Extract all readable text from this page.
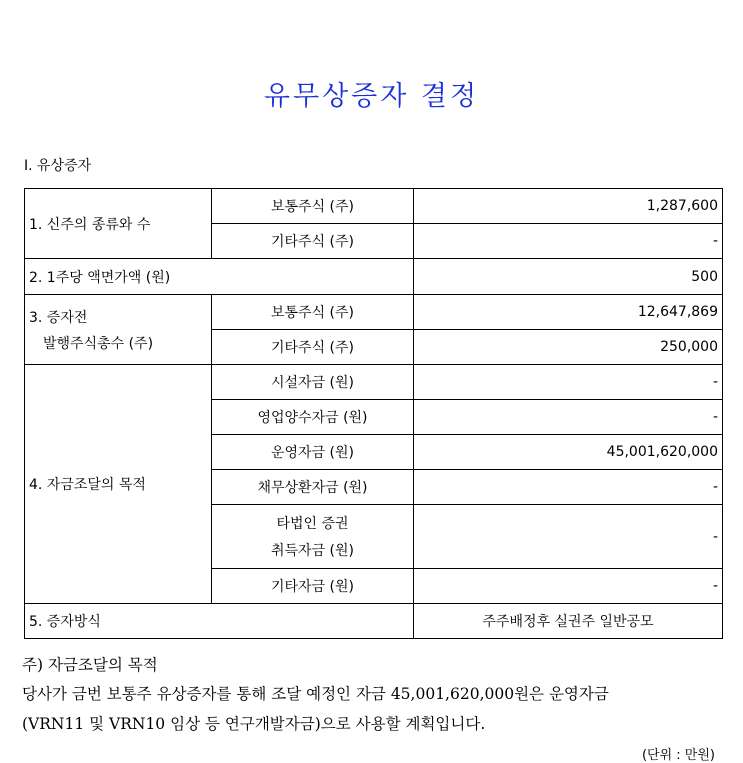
유무상증자 결정
Ⅰ. 유상증자
1. 신주의 종류와 수	보통주식 (주)	1,287,600
	기타주식 (주)	-
2. 1주당 액면가액 (원)		500

3. 증자전
발행주식총수 (주)	보통주식 (주)	12,647,869
	기타주식 (주)	250,000
4. 자금조달의 목적	시설자금 (원)	-
	영업양수자금 (원)	-
	운영자금 (원)	45,001,620,000
	채무상환자금 (원)	-

	타법인 증권
취득자금 (원)	-
	기타자금 (원)	-
5. 증자방식		주주배정후 실권주 일반공모
주) 자금조달의 목적
당사가 금번 보통주 유상증자를 통해 조달 예정인 자금 45,001,620,000원은 운영자금
(VRN11 및 VRN10 임상 등 연구개발자금)으로 사용할 계획입니다.
(단위 : 만원)
